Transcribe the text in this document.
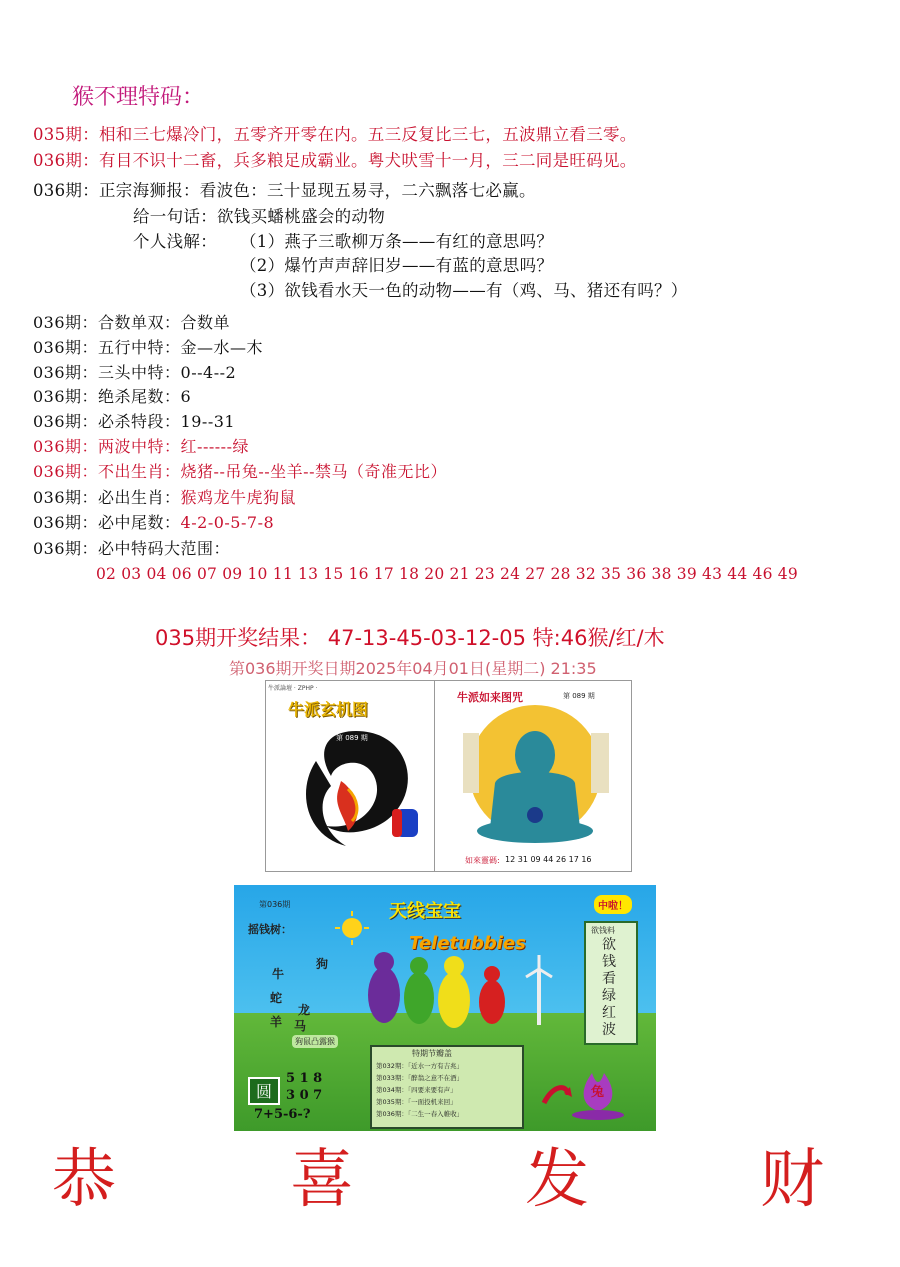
猴不理特码：
035期：相和三七爆冷门，五零齐开零在内。五三反复比三七，五波鼎立看三零。
036期：有目不识十二畜，兵多粮足成霸业。粤犬吠雪十一月，三二同是旺码见。
036期：正宗海狮报：看波色：三十显现五易寻，二六飘落七必赢。
给一句话：欲钱买蟠桃盛会的动物
个人浅解： （1）燕子三歌柳万条——有红的意思吗？
（2）爆竹声声辞旧岁——有蓝的意思吗？
（3）欲钱看水天一色的动物——有（鸡、马、猪还有吗？）
036期：合数单双：合数单
036期：五行中特：金—水—木
036期：三头中特：0--4--2
036期：绝杀尾数：6
036期：必杀特段：19--31
036期：两波中特：红------绿
036期：不出生肖：烧猪--吊兔--坐羊--禁马（奇准无比）
036期：必出生肖：猴鸡龙牛虎狗鼠
036期：必中尾数：4-2-0-5-7-8
036期：必中特码大范围：
02 03 04 06 07 09 10 11 13 15 16 17 18 20 21 23 24 27 28 32 35 36 38 39 43 44 46 49
035期开奖结果： 47-13-45-03-12-05 特:46猴/红/木
第036期开奖日期2025年04月01日(星期二) 21:35
牛派論壇 · ZPHP ·
牛派玄机图
第 089 期
牛派如来图咒	第 089 期
如來靈碼: 12 31 09 44 26 17 16
第036期
摇钱树：
天线宝宝
Teletubbies
中啦！
欲钱料
欲
钱
看
绿
红
波
牛
狗
蛇
龙
羊 马
狗鼠凸露猴
圆
5 1 8
3 0 7
7+5-6-?
特期节瓣盖
第032期：「近水一方有吉兆」
第033期：「醉翁之意不在酒」
第034期：「四要来要有声」
第035期：「一面投机来回」
第036期：「二生一春入帷收」
兔
恭	喜	发	财
